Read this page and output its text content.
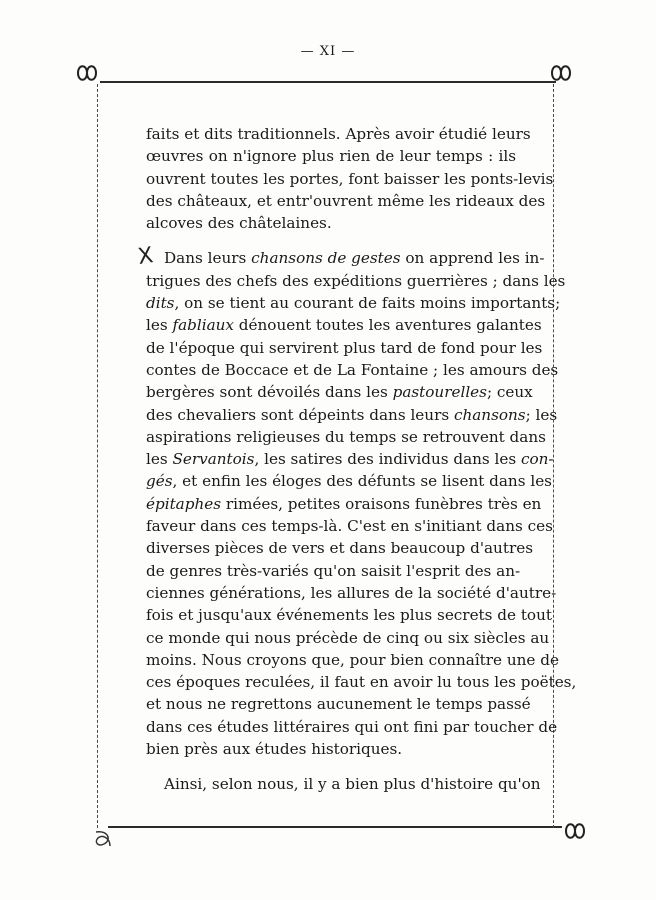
— XI —
X

faits et dits traditionnels. Après avoir étudié leurs
œuvres on n'ignore plus rien de leur temps : ils
ouvrent toutes les portes, font baisser les ponts-levis
des châteaux, et entr'ouvrent même les rideaux des
alcoves des châtelaines.

Dans leurs chansons de gestes on apprend les in-
trigues des chefs des expéditions guerrières ; dans les
dits, on se tient au courant de faits moins importants;
les fabliaux dénouent toutes les aventures galantes
de l'époque qui servirent plus tard de fond pour les
contes de Boccace et de La Fontaine ; les amours des
bergères sont dévoilés dans les pastourelles; ceux
des chevaliers sont dépeints dans leurs chansons; les
aspirations religieuses du temps se retrouvent dans
les Servantois, les satires des individus dans les con-
gés, et enfin les éloges des défunts se lisent dans les
épitaphes rimées, petites oraisons funèbres très en
faveur dans ces temps-là. C'est en s'initiant dans ces
diverses pièces de vers et dans beaucoup d'autres
de genres très-variés qu'on saisit l'esprit des an-
ciennes générations, les allures de la société d'autre-
fois et jusqu'aux événements les plus secrets de tout
ce monde qui nous précède de cinq ou six siècles au
moins. Nous croyons que, pour bien connaître une de
ces époques reculées, il faut en avoir lu tous les poëtes,
et nous ne regrettons aucunement le temps passé
dans ces études littéraires qui ont fini par toucher de
bien près aux études historiques.

Ainsi, selon nous, il y a bien plus d'histoire qu'on
